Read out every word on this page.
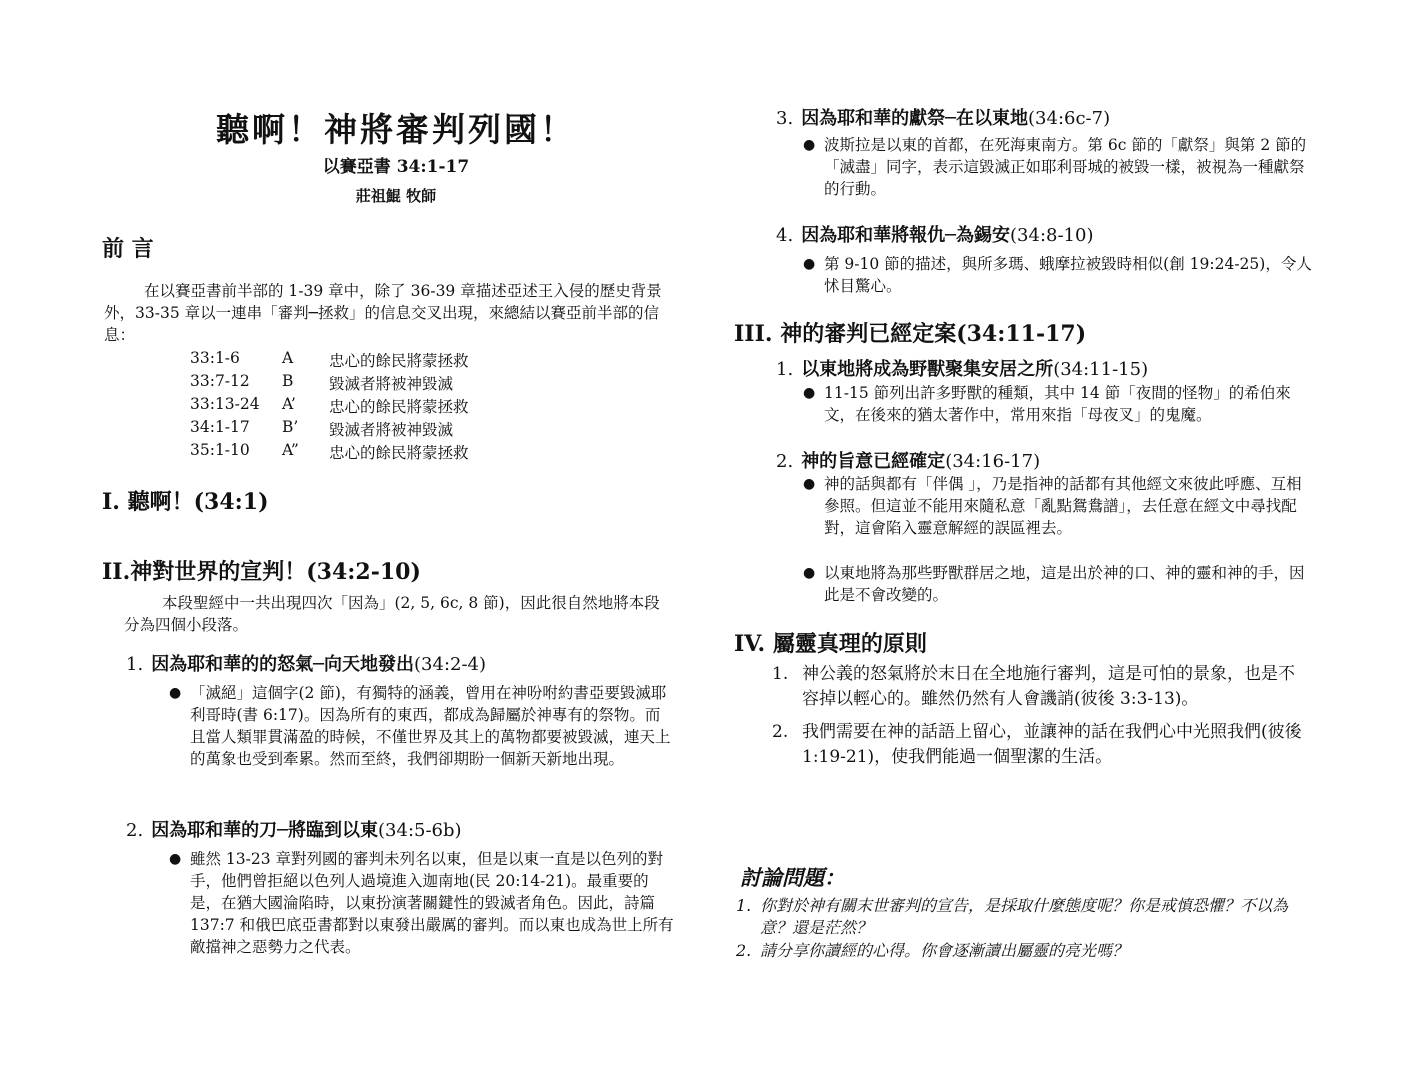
聽啊！神將審判列國！
以賽亞書 34:1-17
莊祖鯤 牧師
前 言
在以賽亞書前半部的 1-39 章中，除了 36-39 章描述亞述王入侵的歷史背景外，33-35 章以一連串「審判─拯救」的信息交叉出現，來總結以賽亞前半部的信息：
33:1-6	A	忠心的餘民將蒙拯救
33:7-12	B	毀滅者將被神毀滅
33:13-24	A’	忠心的餘民將蒙拯救
34:1-17	B’	毀滅者將被神毀滅
35:1-10	A”	忠心的餘民將蒙拯救
I. 聽啊！(34:1)
II.神對世界的宣判！(34:2-10)
本段聖經中一共出現四次「因為」(2, 5, 6c, 8 節)，因此很自然地將本段分為四個小段落。
1. 因為耶和華的的怒氣─向天地發出(34:2-4)
● 「滅絕」這個字(2 節)，有獨特的涵義，曾用在神吩咐約書亞要毀滅耶利哥時(書 6:17)。因為所有的東西，都成為歸屬於神專有的祭物。而且當人類罪貫滿盈的時候，不僅世界及其上的萬物都要被毀滅，連天上的萬象也受到牽累。然而至終，我們卻期盼一個新天新地出現。
2. 因為耶和華的刀─將臨到以東(34:5-6b)
● 雖然 13-23 章對列國的審判未列名以東，但是以東一直是以色列的對手，他們曾拒絕以色列人過境進入迦南地(民 20:14-21)。最重要的是，在猶大國淪陷時，以東扮演著關鍵性的毀滅者角色。因此，詩篇 137:7 和俄巴底亞書都對以東發出嚴厲的審判。而以東也成為世上所有敵擋神之惡勢力之代表。
3. 因為耶和華的獻祭─在以東地(34:6c-7)
● 波斯拉是以東的首都，在死海東南方。第 6c 節的「獻祭」與第 2 節的「滅盡」同字，表示這毀滅正如耶利哥城的被毀一樣，被視為一種獻祭的行動。
4. 因為耶和華將報仇─為錫安(34:8-10)
● 第 9-10 節的描述，與所多瑪、蛾摩拉被毀時相似(創 19:24-25)，令人怵目驚心。
III. 神的審判已經定案(34:11-17)
1. 以東地將成為野獸聚集安居之所(34:11-15)
● 11-15 節列出許多野獸的種類，其中 14 節「夜間的怪物」的希伯來文，在後來的猶太著作中，常用來指「母夜叉」的鬼魔。
2. 神的旨意已經確定(34:16-17)
● 神的話與都有「伴偶 」，乃是指神的話都有其他經文來彼此呼應、互相參照。但這並不能用來隨私意「亂點鴛鴦譜」，去任意在經文中尋找配對，這會陷入靈意解經的誤區裡去。
● 以東地將為那些野獸群居之地，這是出於神的口、神的靈和神的手，因此是不會改變的。
IV. 屬靈真理的原則
1. 神公義的怒氣將於末日在全地施行審判，這是可怕的景象，也是不容掉以輕心的。雖然仍然有人會譏誚(彼後 3:3-13)。
2. 我們需要在神的話語上留心，並讓神的話在我們心中光照我們(彼後 1:19-21)，使我們能過一個聖潔的生活。
討論問題：
1. 你對於神有關末世審判的宣告，是採取什麼態度呢？你是戒慎恐懼？不以為意？還是茫然？
2. 請分享你讀經的心得。你會逐漸讀出屬靈的亮光嗎？
